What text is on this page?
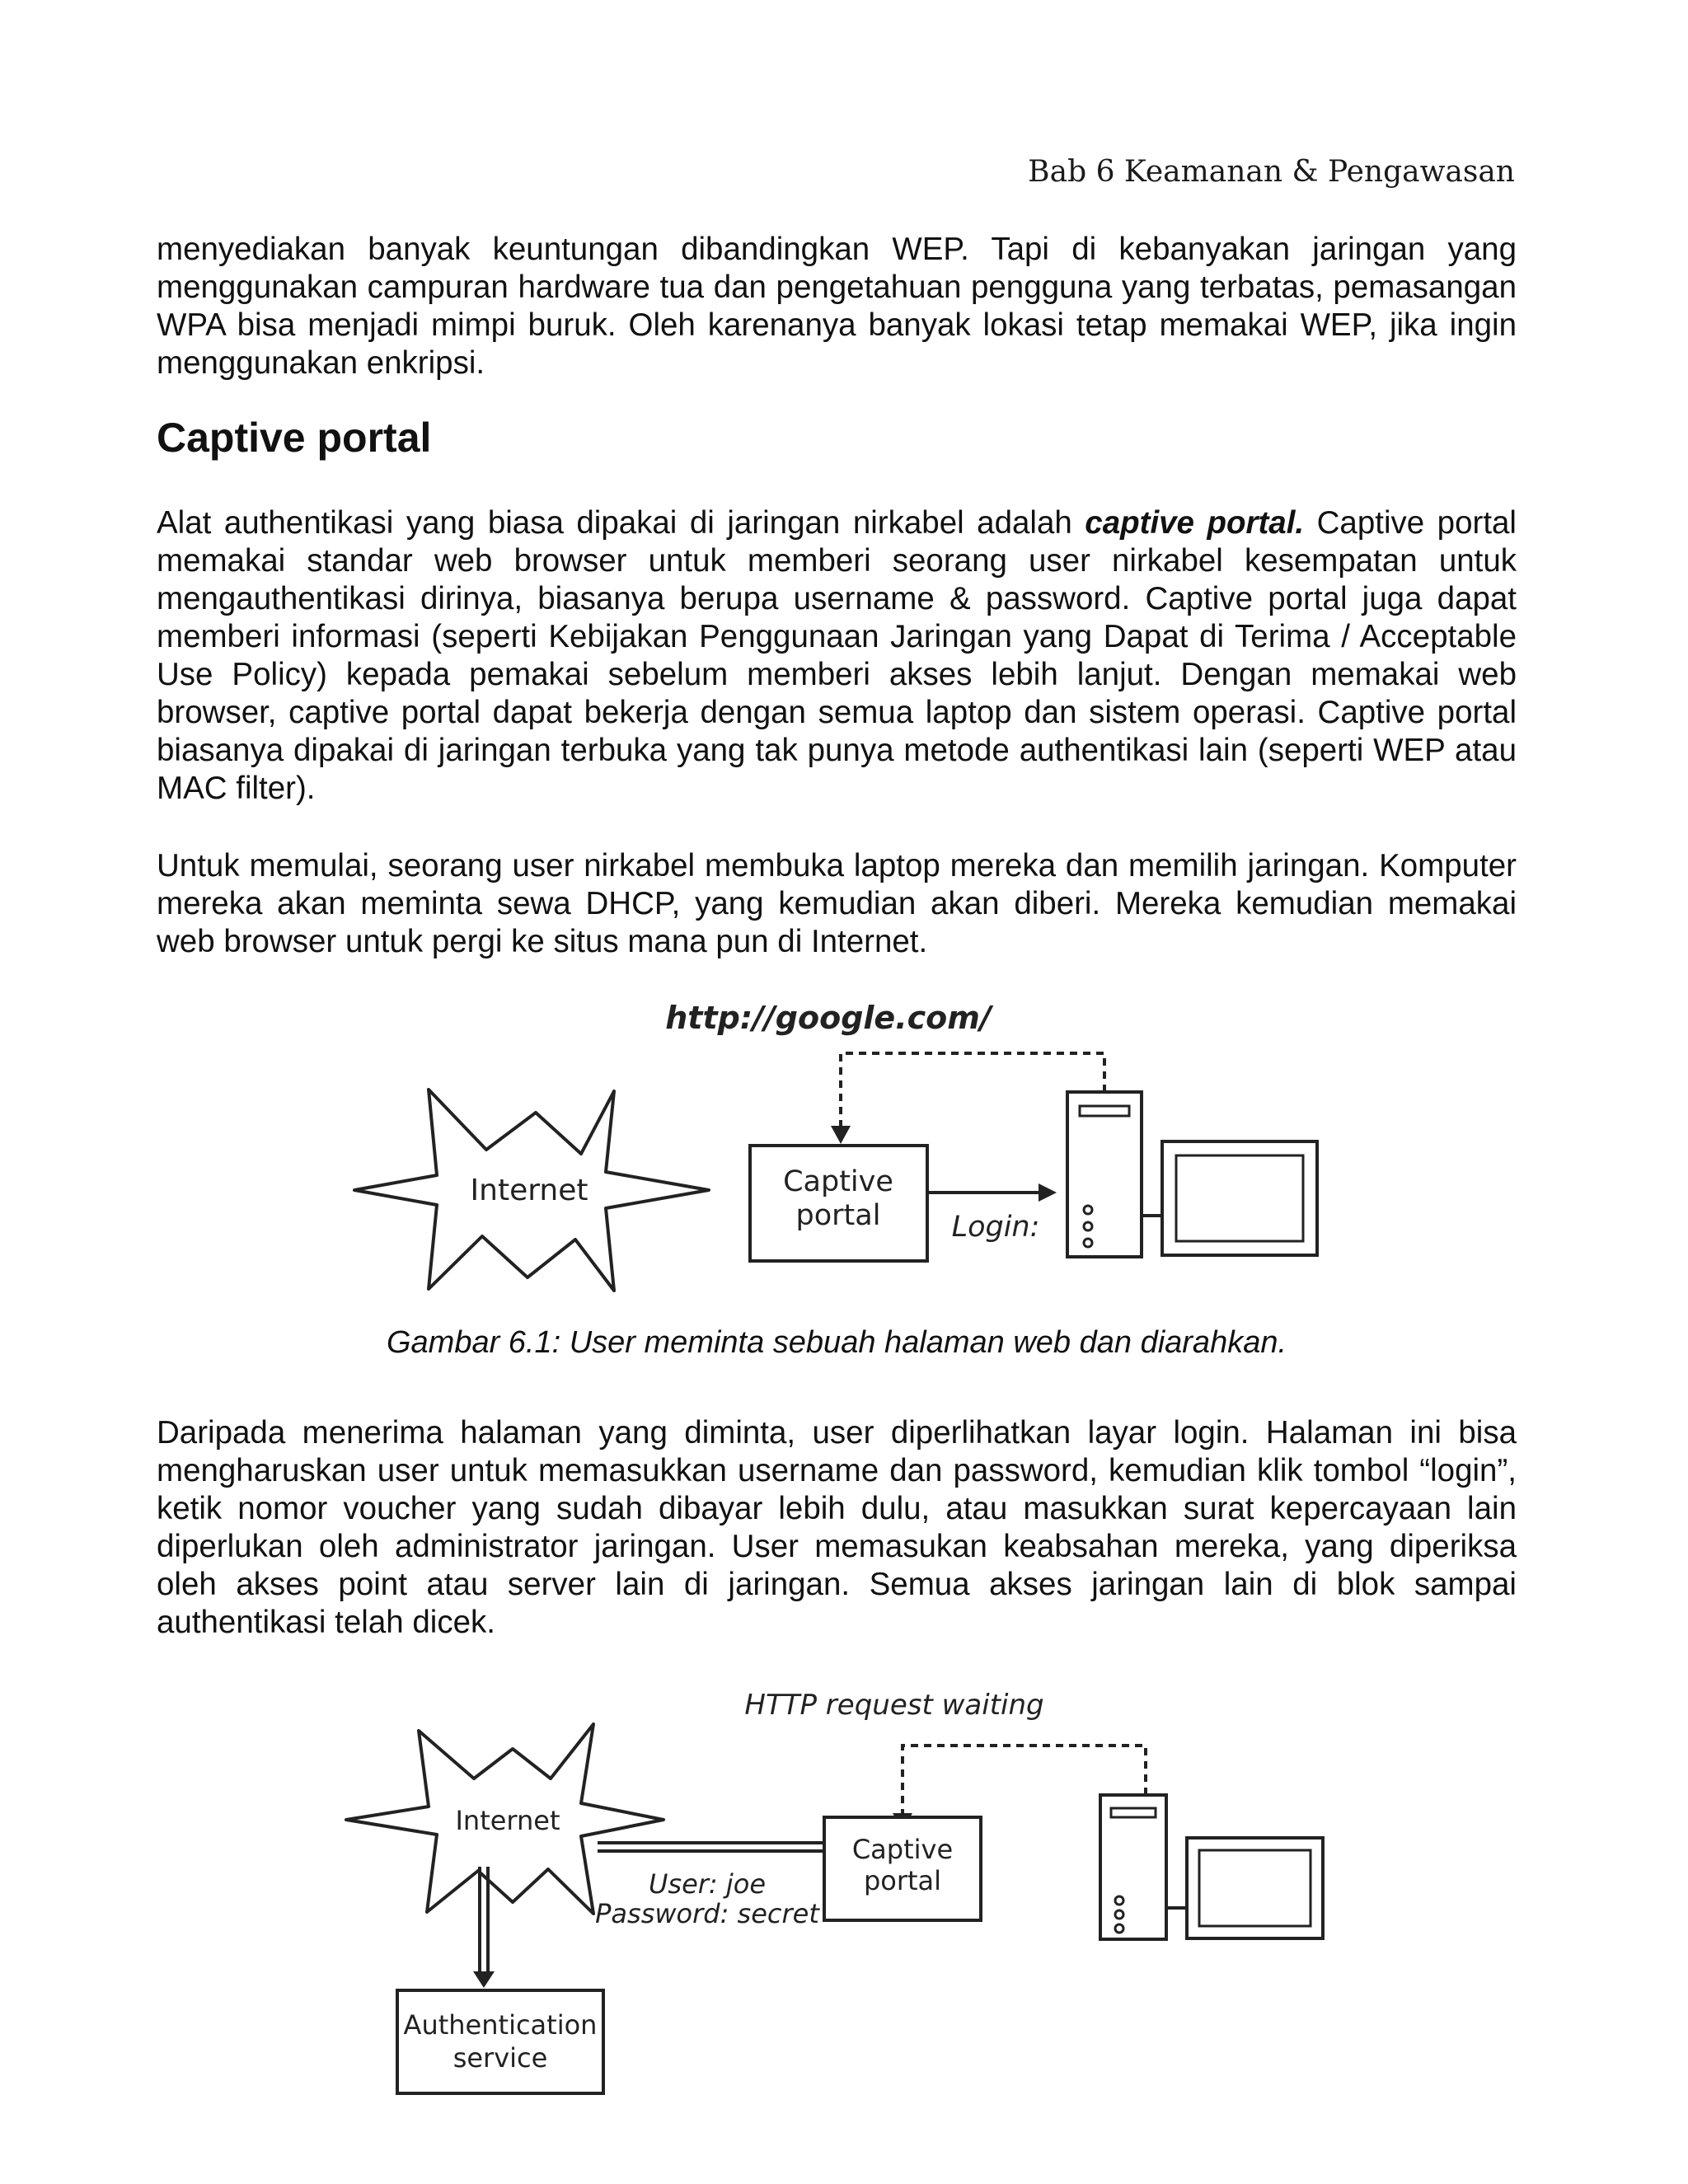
Bab 6 Keamanan & Pengawasan

menyediakan banyak keuntungan dibandingkan WEP. Tapi di kebanyakan jaringan yang menggunakan campuran hardware tua dan pengetahuan pengguna yang terbatas, pemasangan WPA bisa menjadi mimpi buruk. Oleh karenanya banyak lokasi tetap memakai WEP, jika ingin menggunakan enkripsi.

Captive portal

Alat authentikasi yang biasa dipakai di jaringan nirkabel adalah captive portal. Captive portal memakai standar web browser untuk memberi seorang user nirkabel kesempatan untuk mengauthentikasi dirinya, biasanya berupa username & password. Captive portal juga dapat memberi informasi (seperti Kebijakan Penggunaan Jaringan yang Dapat di Terima / Acceptable Use Policy) kepada pemakai sebelum memberi akses lebih lanjut. Dengan memakai web browser, captive portal dapat bekerja dengan semua laptop dan sistem operasi. Captive portal biasanya dipakai di jaringan terbuka yang tak punya metode authentikasi lain (seperti WEP atau MAC filter).

Untuk memulai, seorang user nirkabel membuka laptop mereka dan memilih jaringan. Komputer mereka akan meminta sewa DHCP, yang kemudian akan diberi. Mereka kemudian memakai web browser untuk pergi ke situs mana pun di Internet.

http://google.com/
Internet	Captive
portal Login:
Gambar 6.1: User meminta sebuah halaman web dan diarahkan.

Daripada menerima halaman yang diminta, user diperlihatkan layar login. Halaman ini bisa mengharuskan user untuk memasukkan username dan password, kemudian klik tombol “login”, ketik nomor voucher yang sudah dibayar lebih dulu, atau masukkan surat kepercayaan lain diperlukan oleh administrator jaringan. User memasukan keabsahan mereka, yang diperiksa oleh akses point atau server lain di jaringan. Semua akses jaringan lain di blok sampai authentikasi telah dicek.

HTTP request waiting
Internet
Captive
portal
User: joe
Password: secret
Authentication
service
